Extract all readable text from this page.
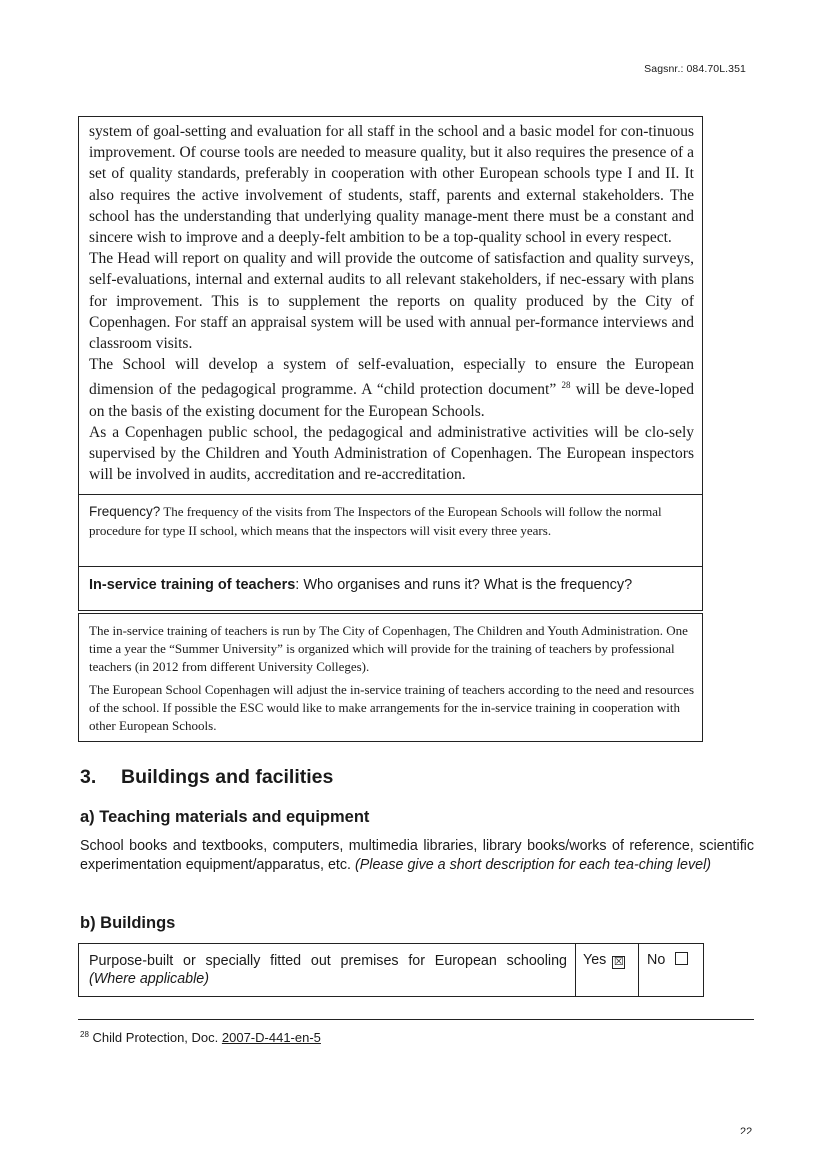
Sagsnr.: 084.70L.351

system of goal-setting and evaluation for all staff in the school and a basic model for con-tinuous improvement. Of course tools are needed to measure quality, but it also requires the presence of a set of quality standards, preferably in cooperation with other European schools type I and II. It also requires the active involvement of students, staff, parents and external stakeholders. The school has the understanding that underlying quality manage-ment there must be a constant and sincere wish to improve and a deeply-felt ambition to be a top-quality school in every respect.

The Head will report on quality and will provide the outcome of satisfaction and quality surveys, self-evaluations, internal and external audits to all relevant stakeholders, if nec-essary with plans for improvement. This is to supplement the reports on quality produced by the City of Copenhagen. For staff an appraisal system will be used with annual per-formance interviews and classroom visits.

The School will develop a system of self-evaluation, especially to ensure the European dimension of the pedagogical programme. A “child protection document” $^{28}$ will be deve-loped on the basis of the existing document for the European Schools.

As a Copenhagen public school, the pedagogical and administrative activities will be clo-sely supervised by the Children and Youth Administration of Copenhagen. The European inspectors will be involved in audits, accreditation and re-accreditation.

Frequency? The frequency of the visits from The Inspectors of the European Schools will follow the normal procedure for type II school, which means that the inspectors will visit every three years.
In-service training of teachers: Who organises and runs it? What is the frequency?

The in-service training of teachers is run by The City of Copenhagen, The Children and Youth Administration. One time a year the “Summer University” is organized which will provide for the training of teachers by professional teachers (in 2012 from different University Colleges).

The European School Copenhagen will adjust the in-service training of teachers according to the need and resources of the school. If possible the ESC would like to make arrangements for the in-service training in cooperation with other European Schools.

3. Buildings and facilities
a) Teaching materials and equipment
School books and textbooks, computers, multimedia libraries, library books/works of reference, scientific experimentation equipment/apparatus, etc. (Please give a short description for each tea-ching level)
b) Buildings
Purpose-built or specially fitted out premises for European schooling (Where applicable)
Yes ☒	No
$^{28}$ Child Protection, Doc. 2007-D-441-en-5
22
